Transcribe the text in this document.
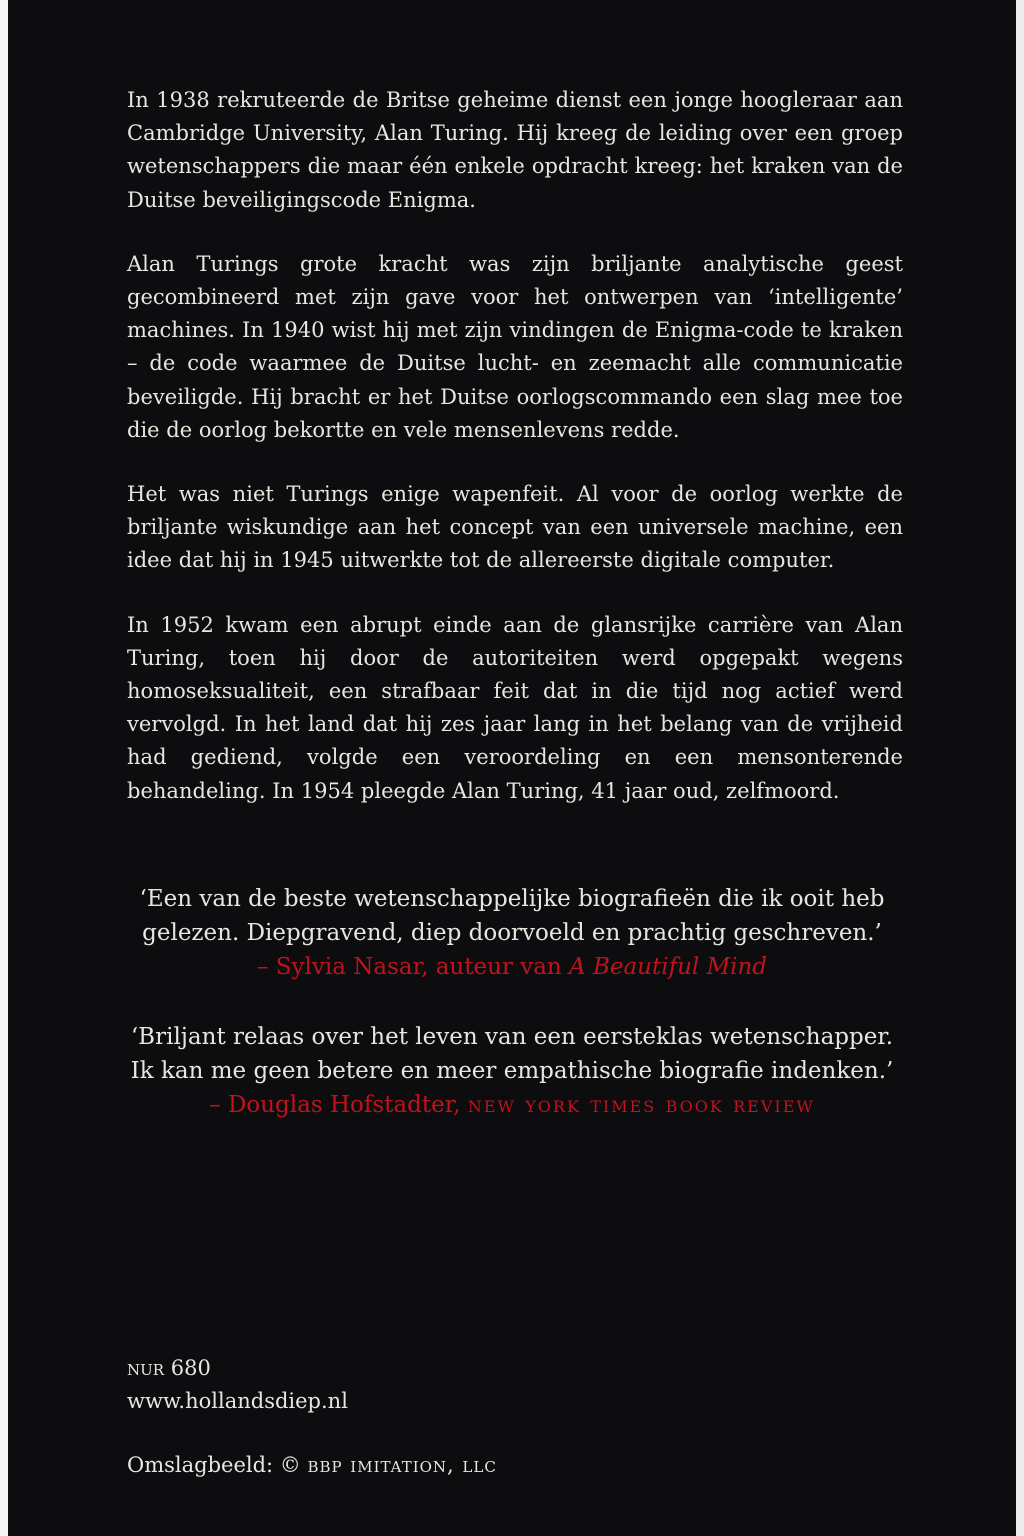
In 1938 rekruteerde de Britse geheime dienst een jonge hoogleraar aan Cambridge University, Alan Turing. Hij kreeg de leiding over een groep wetenschappers die maar één enkele opdracht kreeg: het kraken van de Duitse beveiligingscode Enigma.

Alan Turings grote kracht was zijn briljante analytische geest gecombineerd met zijn gave voor het ontwerpen van ‘intelligente’ machines. In 1940 wist hij met zijn vindingen de Enigma-code te kraken – de code waarmee de Duitse lucht- en zeemacht alle communicatie beveiligde. Hij bracht er het Duitse oorlogscommando een slag mee toe die de oorlog bekortte en vele mensenlevens redde.

Het was niet Turings enige wapenfeit. Al voor de oorlog werkte de briljante wiskundige aan het concept van een universele machine, een idee dat hij in 1945 uitwerkte tot de allereerste digitale computer.

In 1952 kwam een abrupt einde aan de glansrijke carrière van Alan Turing, toen hij door de autoriteiten werd opgepakt wegens homoseksualiteit, een strafbaar feit dat in die tijd nog actief werd vervolgd. In het land dat hij zes jaar lang in het belang van de vrijheid had gediend, volgde een veroordeling en een mensonterende behandeling. In 1954 pleegde Alan Turing, 41 jaar oud, zelfmoord.

‘Een van de beste wetenschappelijke biografieën die ik ooit heb

gelezen. Diepgravend, diep doorvoeld en prachtig geschreven.’

– Sylvia Nasar, auteur van A Beautiful Mind

‘Briljant relaas over het leven van een eersteklas wetenschapper.

Ik kan me geen betere en meer empathische biografie indenken.’

– Douglas Hofstadter, new york times book review

nur 680
www.hollandsdiep.nl
Omslagbeeld: © bbp imitation, llc
